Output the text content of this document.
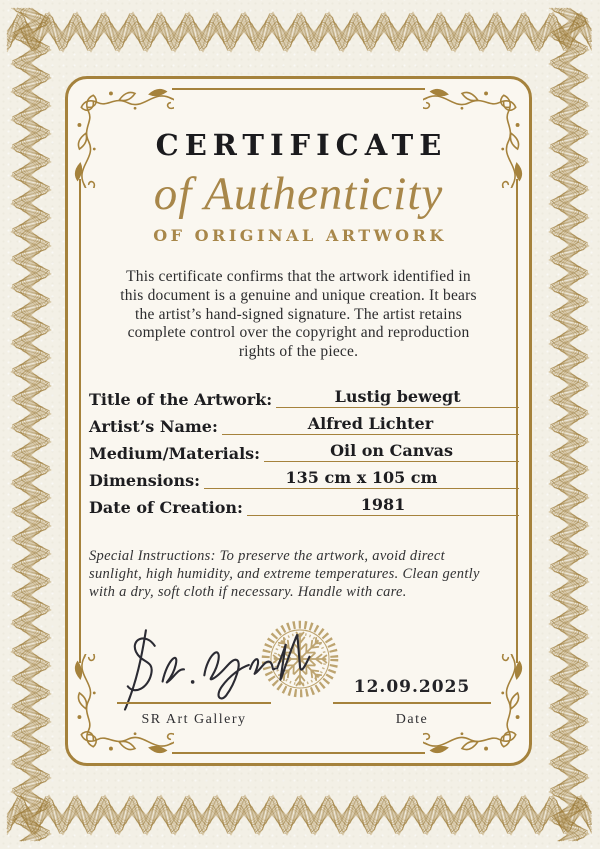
CERTIFICATE
of Authenticity
OF ORIGINAL ARTWORK
This certificate confirms that the artwork identified in
this document is a genuine and unique creation. It bears
the artist’s hand-signed signature. The artist retains
complete control over the copyright and reproduction
rights of the piece.
Title of the Artwork:	Lustig bewegt
Artist’s Name:	Alfred Lichter
Medium/Materials:	Oil on Canvas
Dimensions:	135 cm x 105 cm
Date of Creation:	1981
Special Instructions: To preserve the artwork, avoid direct
sunlight, high humidity, and extreme temperatures. Clean gently
with a dry, soft cloth if necessary. Handle with care.
SR Art Gallery
12.09.2025
Date
